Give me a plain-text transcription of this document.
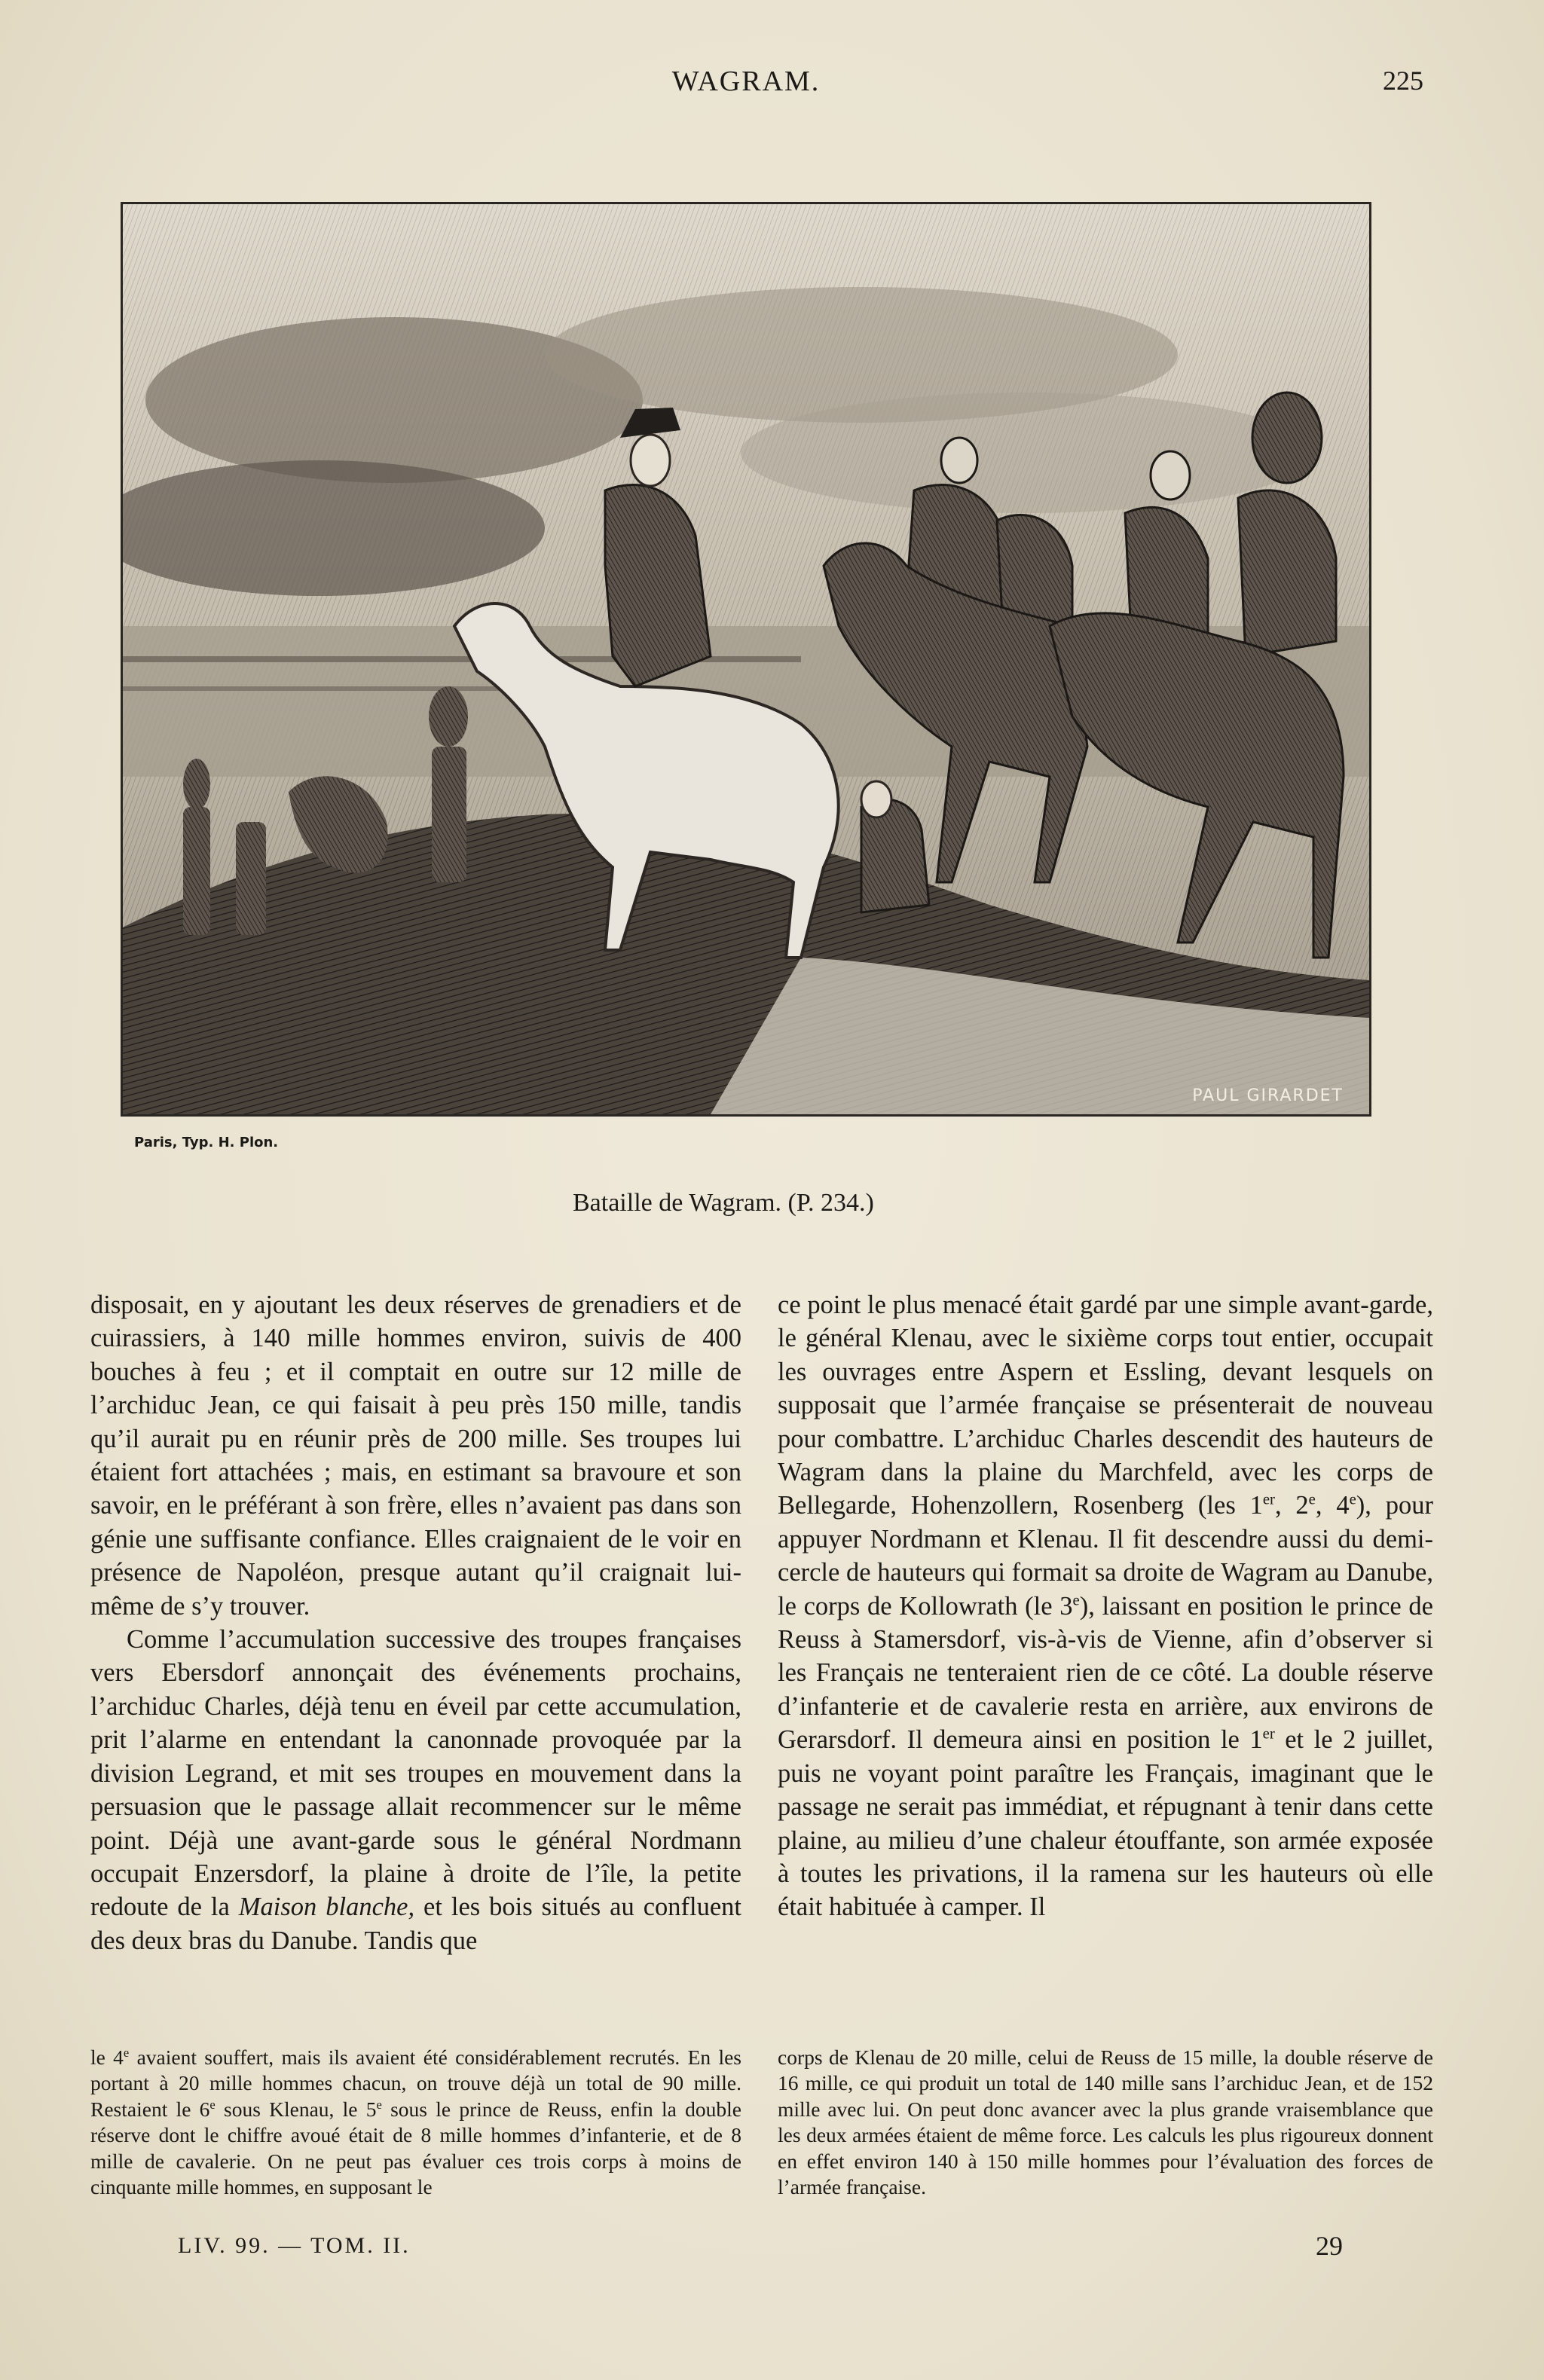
WAGRAM.	225
PAUL GIRARDET
Paris, Typ. H. Plon.
Bataille de Wagram. (P. 234.)

disposait, en y ajoutant les deux réserves de grenadiers et de cuirassiers, à 140 mille hommes environ, suivis de 400 bouches à feu ; et il comptait en outre sur 12 mille de l’archiduc Jean, ce qui faisait à peu près 150 mille, tandis qu’il aurait pu en réunir près de 200 mille. Ses troupes lui étaient fort attachées ; mais, en estimant sa bravoure et son savoir, en le préférant à son frère, elles n’avaient pas dans son génie une suffisante confiance. Elles craignaient de le voir en présence de Napoléon, presque autant qu’il craignait lui-même de s’y trouver.

Comme l’accumulation successive des troupes françaises vers Ebersdorf annonçait des événements prochains, l’archiduc Charles, déjà tenu en éveil par cette accumulation, prit l’alarme en entendant la canonnade provoquée par la division Legrand, et mit ses troupes en mouvement dans la persuasion que le passage allait recommencer sur le même point. Déjà une avant-garde sous le général Nordmann occupait Enzersdorf, la plaine à droite de l’île, la petite redoute de la Maison blanche, et les bois situés au confluent des deux bras du Danube. Tandis que

ce point le plus menacé était gardé par une simple avant-garde, le général Klenau, avec le sixième corps tout entier, occupait les ouvrages entre Aspern et Essling, devant lesquels on supposait que l’armée française se présenterait de nouveau pour combattre. L’archiduc Charles descendit des hauteurs de Wagram dans la plaine du Marchfeld, avec les corps de Bellegarde, Hohenzollern, Rosenberg (les 1er, 2e, 4e), pour appuyer Nordmann et Klenau. Il fit descendre aussi du demi-cercle de hauteurs qui formait sa droite de Wagram au Danube, le corps de Kollowrath (le 3e), laissant en position le prince de Reuss à Stamersdorf, vis-à-vis de Vienne, afin d’observer si les Français ne tenteraient rien de ce côté. La double réserve d’infanterie et de cavalerie resta en arrière, aux environs de Gerarsdorf. Il demeura ainsi en position le 1er et le 2 juillet, puis ne voyant point paraître les Français, imaginant que le passage ne serait pas immédiat, et répugnant à tenir dans cette plaine, au milieu d’une chaleur étouffante, son armée exposée à toutes les privations, il la ramena sur les hauteurs où elle était habituée à camper. Il

le 4e avaient souffert, mais ils avaient été considérablement recrutés. En les portant à 20 mille hommes chacun, on trouve déjà un total de 90 mille. Restaient le 6e sous Klenau, le 5e sous le prince de Reuss, enfin la double réserve dont le chiffre avoué était de 8 mille hommes d’infanterie, et de 8 mille de cavalerie. On ne peut pas évaluer ces trois corps à moins de cinquante mille hommes, en supposant le
corps de Klenau de 20 mille, celui de Reuss de 15 mille, la double réserve de 16 mille, ce qui produit un total de 140 mille sans l’archiduc Jean, et de 152 mille avec lui. On peut donc avancer avec la plus grande vraisemblance que les deux armées étaient de même force. Les calculs les plus rigoureux donnent en effet environ 140 à 150 mille hommes pour l’évaluation des forces de l’armée française.
LIV. 99. — TOM. II.	29
